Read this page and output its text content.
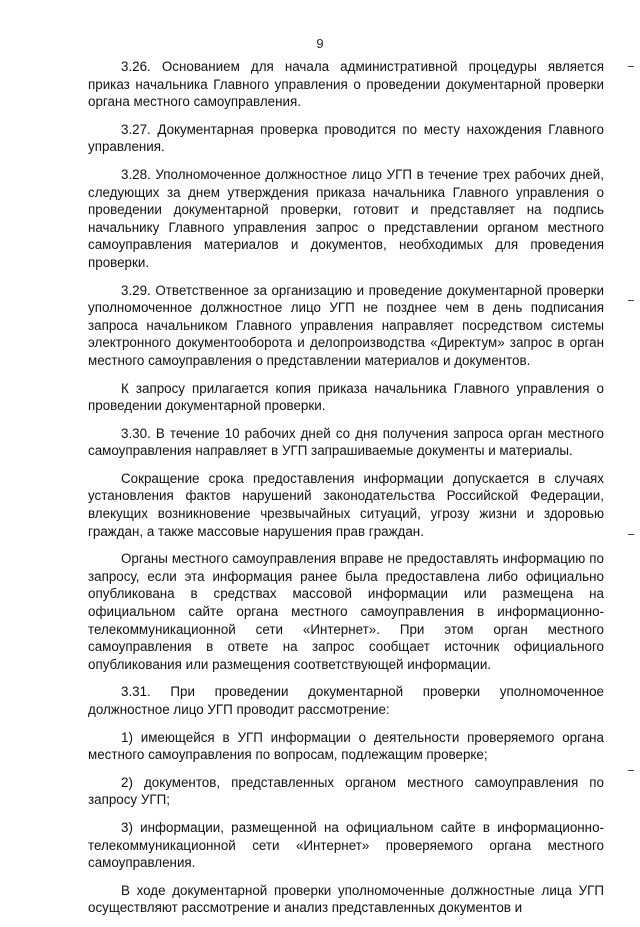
9

3.26. Основанием для начала административной процедуры является приказ начальника Главного управления о проведении документарной проверки органа местного самоуправления.

3.27. Документарная проверка проводится по месту нахождения Главного управления.

3.28. Уполномоченное должностное лицо УГП в течение трех рабочих дней, следующих за днем утверждения приказа начальника Главного управления о проведении документарной проверки, готовит и представляет на подпись начальнику Главного управления запрос о представлении органом местного самоуправления материалов и документов, необходимых для проведения проверки.

3.29. Ответственное за организацию и проведение документарной проверки уполномоченное должностное лицо УГП не позднее чем в день подписания запроса начальником Главного управления направляет посредством системы электронного документооборота и делопроизводства «Директум» запрос в орган местного самоуправления о представлении материалов и документов.

К запросу прилагается копия приказа начальника Главного управления о проведении документарной проверки.

3.30. В течение 10 рабочих дней со дня получения запроса орган местного самоуправления направляет в УГП запрашиваемые документы и материалы.

Сокращение срока предоставления информации допускается в случаях установления фактов нарушений законодательства Российской Федерации, влекущих возникновение чрезвычайных ситуаций, угрозу жизни и здоровью граждан, а также массовые нарушения прав граждан.

Органы местного самоуправления вправе не предоставлять информацию по запросу, если эта информация ранее была предоставлена либо официально опубликована в средствах массовой информации или размещена на официальном сайте органа местного самоуправления в информационно-телекоммуникационной сети «Интернет». При этом орган местного самоуправления в ответе на запрос сообщает источник официального опубликования или размещения соответствующей информации.

3.31. При проведении документарной проверки уполномоченное должностное лицо УГП проводит рассмотрение:

1) имеющейся в УГП информации о деятельности проверяемого органа местного самоуправления по вопросам, подлежащим проверке;

2) документов, представленных органом местного самоуправления по запросу УГП;

3) информации, размещенной на официальном сайте в информационно-телекоммуникационной сети «Интернет» проверяемого органа местного самоуправления.

В ходе документарной проверки уполномоченные должностные лица УГП осуществляют рассмотрение и анализ представленных документов и
